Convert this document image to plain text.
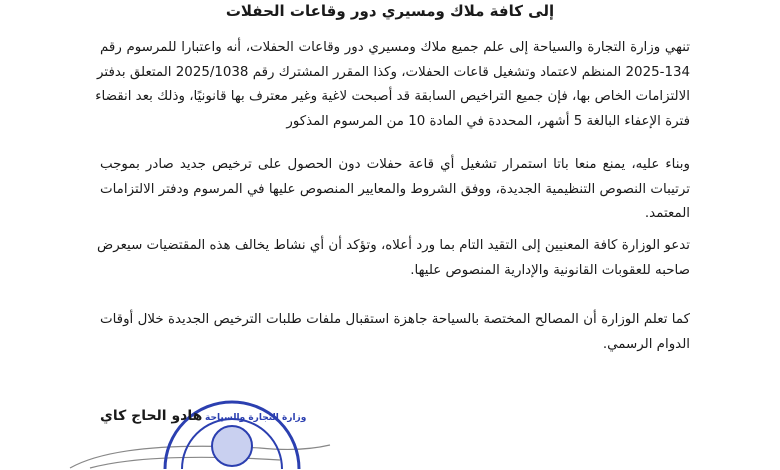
إلى كافة ملاك ومسيري دور وقاعات الحفلات
تنهي وزارة التجارة والسياحة إلى علم جميع ملاك ومسيري دور وقاعات الحفلات، أنه واعتبارا للمرسوم رقم
2025-134 المنظم لاعتماد وتشغيل قاعات الحفلات، وكذا المقرر المشترك رقم 2025/1038 المتعلق بدفتر
الالتزامات الخاص بها، فإن جميع التراخيص السابقة قد أصبحت لاغية وغير معترف بها قانونيًا، وذلك بعد انقضاء
فترة الإعفاء البالغة 5 أشهر، المحددة في المادة 10 من المرسوم المذكور
وبناء عليه، يمنع منعا باتا استمرار تشغيل أي قاعة حفلات دون الحصول على ترخيص جديد صادر بموجب
ترتيبات النصوص التنظيمية الجديدة، ووفق الشروط والمعايير المنصوص عليها في المرسوم ودفتر الالتزامات
المعتمد.
تدعو الوزارة كافة المعنيين إلى التقيد التام بما ورد أعلاه، وتؤكد أن أي نشاط يخالف هذه المقتضيات سيعرض
صاحبه للعقوبات القانونية والإدارية المنصوص عليها.
كما تعلم الوزارة أن المصالح المختصة بالسياحة جاهزة استقبال ملفات طلبات الترخيص الجديدة خلال أوقات
الدوام الرسمي.
وزارة التجارة والسياحة
هادو الحاج كاي
